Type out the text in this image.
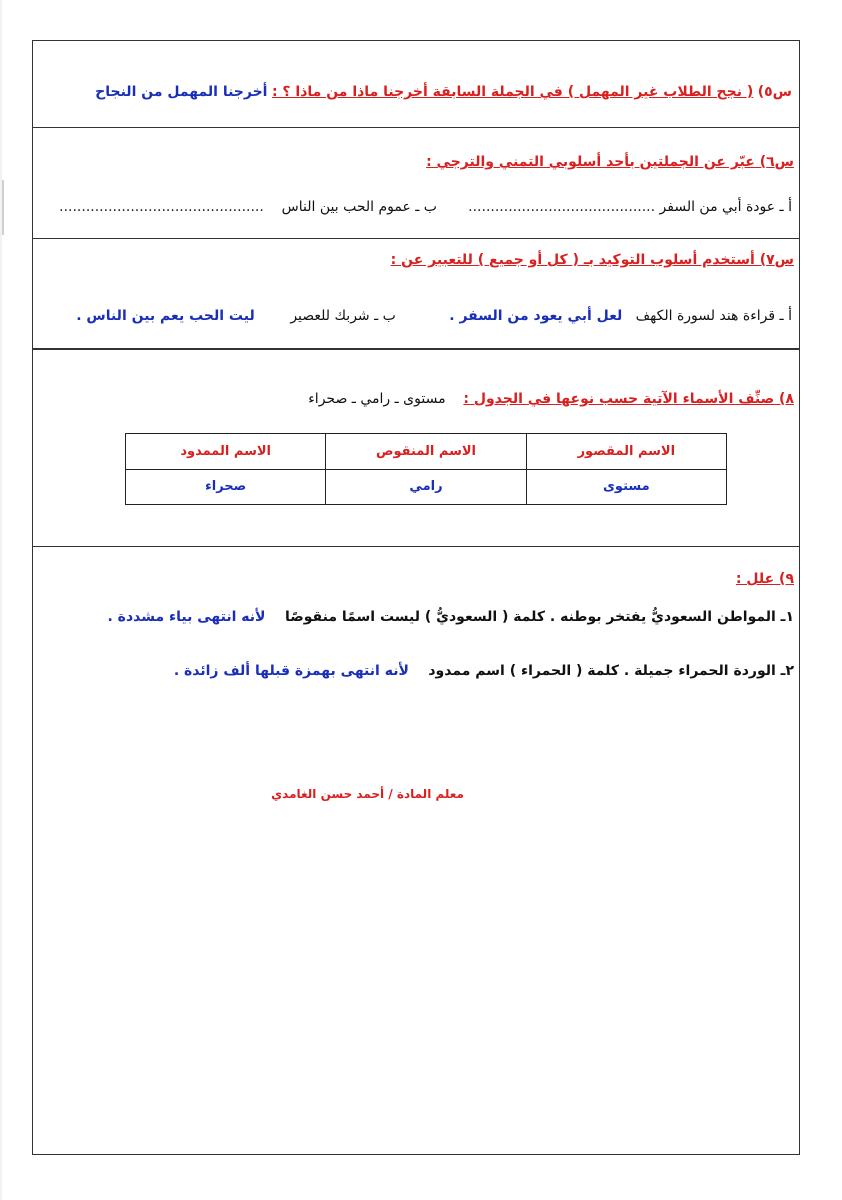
س٥) ( نجح الطلاب غير المهمل ) في الجملة السابقة أخرجنا ماذا من ماذا ؟ : أخرجنا المهمل من النجاح
س٦) عبّر عن الجملتين بأحد أسلوبي التمني والترجي :
أ ـ عودة أبي من السفر ..........................................       ب ـ عموم الحب بين الناس    ..............................................
س٧) أستخدم أسلوب التوكيد بـ ( كل أو جميع ) للتعبير عن :
أ ـ قراءة هند لسورة الكهف   لعل أبي يعود من السفر .            ب ـ شربك للعصير        ليت الحب يعم بين الناس .
٨) صنِّف الأسماء الآتية حسب نوعها في الجدول :    مستوى ـ رامي ـ صحراء
الاسم المقصور	الاسم المنقوص	الاسم الممدود
مستوى	رامي	صحراء
٩) علل :
١ـ المواطن السعوديُّ يفتخر بوطنه . كلمة ( السعوديُّ ) ليست اسمًا منقوصًا    لأنه انتهى بياء مشددة .
٢ـ الوردة الحمراء جميلة . كلمة ( الحمراء ) اسم ممدود    لأنه انتهى بهمزة قبلها ألف زائدة .
معلم المادة / أحمد حسن الغامدي
